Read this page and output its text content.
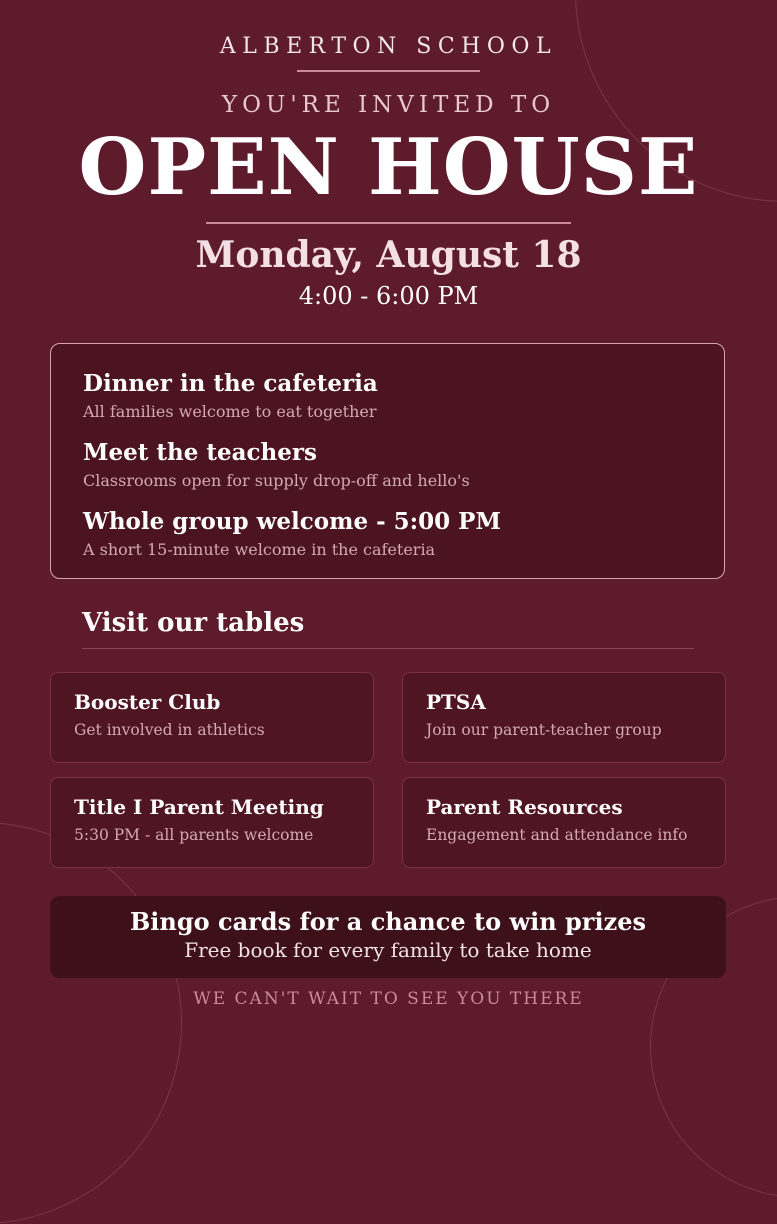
ALBERTON SCHOOL
YOU'RE INVITED TO
OPEN HOUSE
Monday, August 18
4:00 - 6:00 PM
Dinner in the cafeteria
All families welcome to eat together
Meet the teachers
Classrooms open for supply drop-off and hello's
Whole group welcome - 5:00 PM
A short 15-minute welcome in the cafeteria
Visit our tables
Booster Club
Get involved in athletics
PTSA
Join our parent-teacher group
Title I Parent Meeting
5:30 PM - all parents welcome
Parent Resources
Engagement and attendance info
Bingo cards for a chance to win prizes
Free book for every family to take home
WE CAN'T WAIT TO SEE YOU THERE
